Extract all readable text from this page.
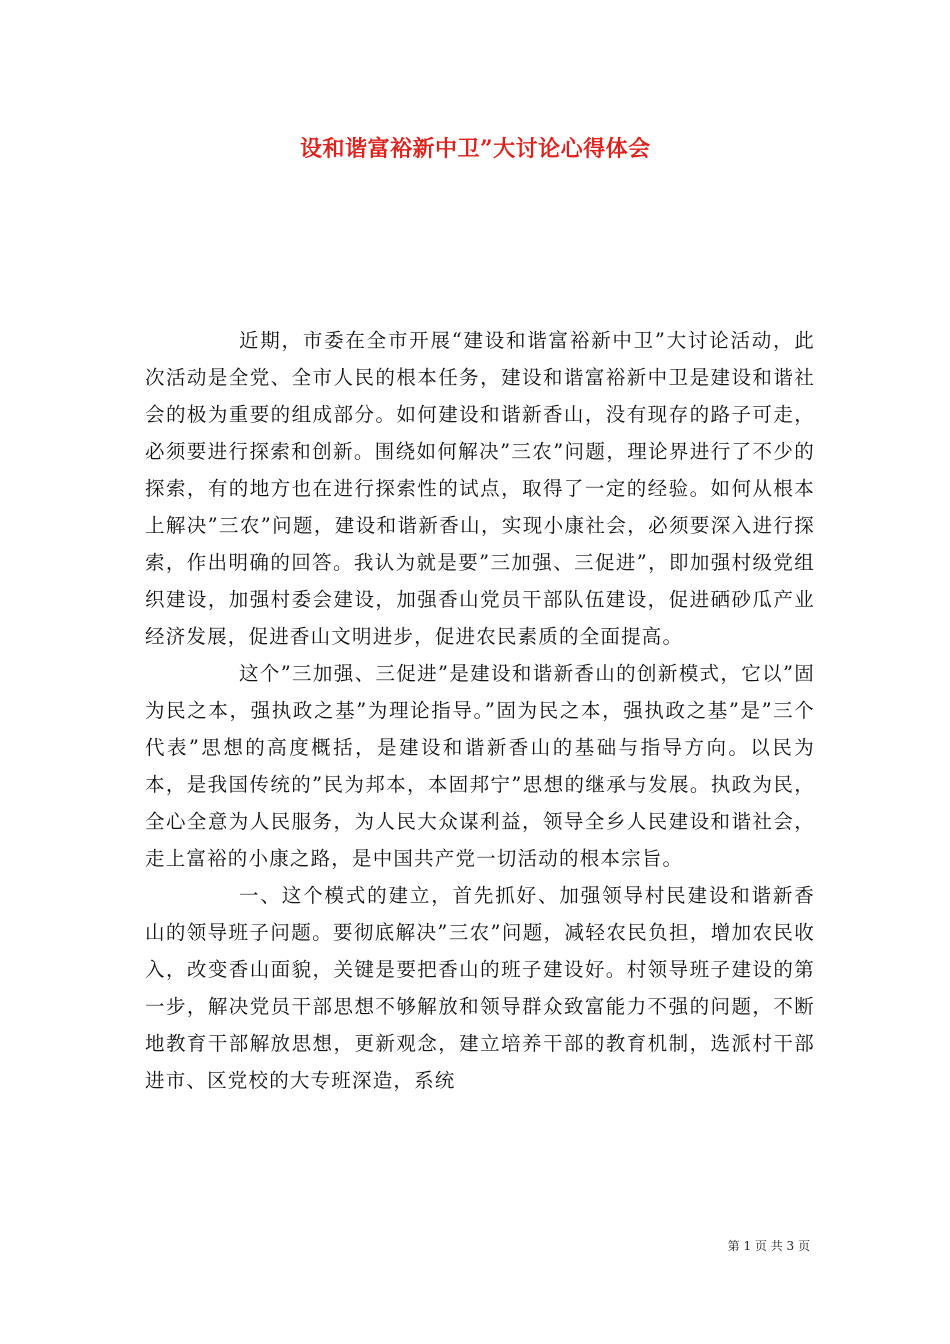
设和谐富裕新中卫”大讨论心得体会

近期，市委在全市开展“建设和谐富裕新中卫”大讨论活动，此次活动是全党、全市人民的根本任务，建设和谐富裕新中卫是建设和谐社会的极为重要的组成部分。如何建设和谐新香山，没有现存的路子可走，必须要进行探索和创新。围绕如何解决”三农”问题，理论界进行了不少的探索，有的地方也在进行探索性的试点，取得了一定的经验。如何从根本上解决”三农”问题，建设和谐新香山，实现小康社会，必须要深入进行探索，作出明确的回答。我认为就是要”三加强、三促进”，即加强村级党组织建设，加强村委会建设，加强香山党员干部队伍建设，促进硒砂瓜产业经济发展，促进香山文明进步，促进农民素质的全面提高。

这个”三加强、三促进”是建设和谐新香山的创新模式，它以”固为民之本，强执政之基”为理论指导。”固为民之本，强执政之基”是”三个代表”思想的高度概括，是建设和谐新香山的基础与指导方向。以民为本，是我国传统的”民为邦本，本固邦宁”思想的继承与发展。执政为民，全心全意为人民服务，为人民大众谋利益，领导全乡人民建设和谐社会，走上富裕的小康之路，是中国共产党一切活动的根本宗旨。

一、这个模式的建立，首先抓好、加强领导村民建设和谐新香山的领导班子问题。要彻底解决”三农”问题，减轻农民负担，增加农民收入，改变香山面貌，关键是要把香山的班子建设好。村领导班子建设的第一步，解决党员干部思想不够解放和领导群众致富能力不强的问题，不断地教育干部解放思想，更新观念，建立培养干部的教育机制，选派村干部进市、区党校的大专班深造，系统

第 1 页 共 3 页
